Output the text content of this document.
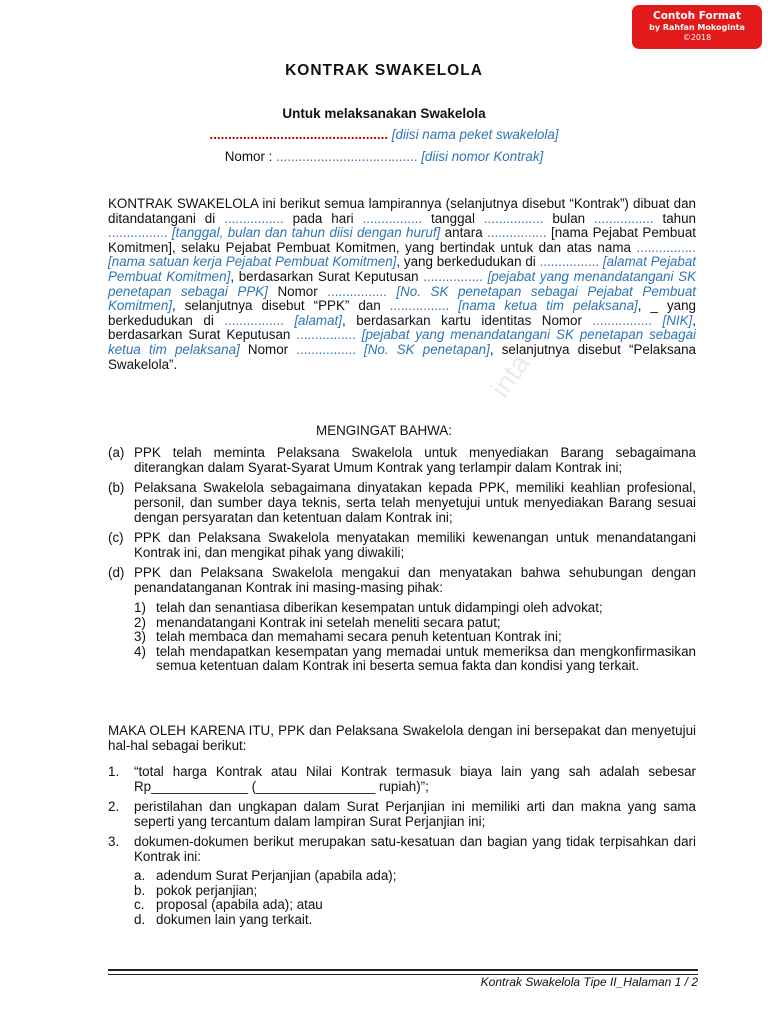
Contoh Format
by Rahfan Mokoginta
©2018
KONTRAK SWAKELOLA
Untuk melaksanakan Swakelola
................................................ [diisi nama peket swakelola]
Nomor : ...................................... [diisi nomor Kontrak]
KONTRAK SWAKELOLA ini berikut semua lampirannya (selanjutnya disebut “Kontrak”) dibuat dan ditandatangani di ................ pada hari ................ tanggal ................ bulan ................ tahun ................ [tanggal, bulan dan tahun diisi dengan huruf] antara ................ [nama Pejabat Pembuat Komitmen], selaku Pejabat Pembuat Komitmen, yang bertindak untuk dan atas nama ................ [nama satuan kerja Pejabat Pembuat Komitmen], yang berkedudukan di ................ [alamat Pejabat Pembuat Komitmen], berdasarkan Surat Keputusan ................ [pejabat yang menandatangani SK penetapan sebagai PPK] Nomor ................ [No. SK penetapan sebagai Pejabat Pembuat Komitmen], selanjutnya disebut “PPK” dan ................ [nama ketua tim pelaksana], _ yang berkedudukan di ................ [alamat], berdasarkan kartu identitas Nomor ................ [NIK], berdasarkan Surat Keputusan ................ [pejabat yang menandatangani SK penetapan sebagai ketua tim pelaksana] Nomor ................ [No. SK penetapan], selanjutnya disebut “Pelaksana Swakelola”.
MENGINGAT BAHWA:
(a) PPK telah meminta Pelaksana Swakelola untuk menyediakan Barang sebagaimana diterangkan dalam Syarat-Syarat Umum Kontrak yang terlampir dalam Kontrak ini;
(b) Pelaksana Swakelola sebagaimana dinyatakan kepada PPK, memiliki keahlian profesional, personil, dan sumber daya teknis, serta telah menyetujui untuk menyediakan Barang sesuai dengan persyaratan dan ketentuan dalam Kontrak ini;
(c) PPK dan Pelaksana Swakelola menyatakan memiliki kewenangan untuk menandatangani Kontrak ini, dan mengikat pihak yang diwakili;
(d) PPK dan Pelaksana Swakelola mengakui dan menyatakan bahwa sehubungan dengan penandatanganan Kontrak ini masing-masing pihak:
1) telah dan senantiasa diberikan kesempatan untuk didampingi oleh advokat;
2) menandatangani Kontrak ini setelah meneliti secara patut;
3) telah membaca dan memahami secara penuh ketentuan Kontrak ini;
4) telah mendapatkan kesempatan yang memadai untuk memeriksa dan mengkonfirmasikan semua ketentuan dalam Kontrak ini beserta semua fakta dan kondisi yang terkait.
MAKA OLEH KARENA ITU, PPK dan Pelaksana Swakelola dengan ini bersepakat dan menyetujui hal-hal sebagai berikut:
1. “total harga Kontrak atau Nilai Kontrak termasuk biaya lain yang sah adalah sebesar Rp_____________ (________________ rupiah)”;
2. peristilahan dan ungkapan dalam Surat Perjanjian ini memiliki arti dan makna yang sama seperti yang tercantum dalam lampiran Surat Perjanjian ini;
3. dokumen-dokumen berikut merupakan satu-kesatuan dan bagian yang tidak terpisahkan dari Kontrak ini:
a. adendum Surat Perjanjian (apabila ada);
b. pokok perjanjian;
c. proposal (apabila ada); atau
d. dokumen lain yang terkait.
inta
Kontrak Swakelola Tipe II_Halaman 1 / 2
